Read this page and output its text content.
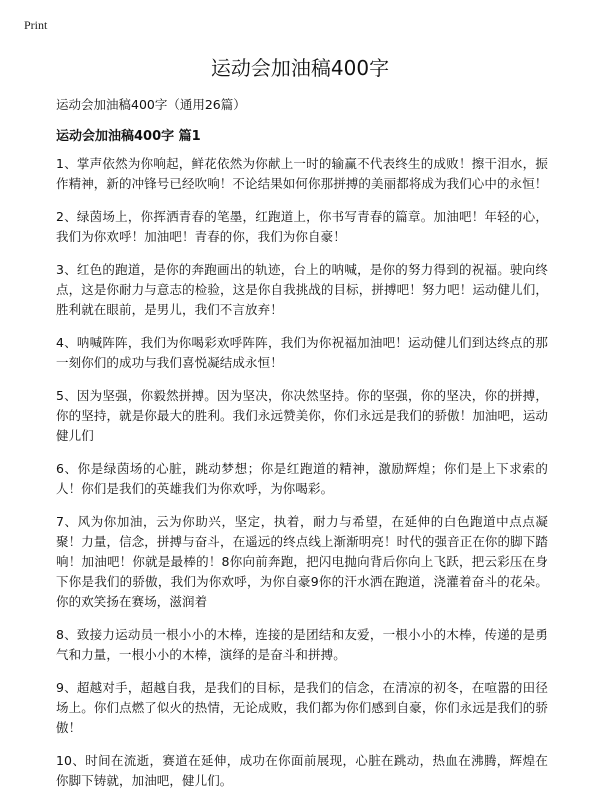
Print
运动会加油稿400字

运动会加油稿400字（通用26篇）

运动会加油稿400字 篇1

1、掌声依然为你响起，鲜花依然为你献上一时的输赢不代表终生的成败！擦干泪水，振作精神，新的冲锋号已经吹响！不论结果如何你那拼搏的美丽都将成为我们心中的永恒！

2、绿茵场上，你挥洒青春的笔墨，红跑道上，你书写青春的篇章。加油吧！年轻的心，我们为你欢呼！加油吧！青春的你，我们为你自豪！

3、红色的跑道，是你的奔跑画出的轨迹，台上的呐喊，是你的努力得到的祝福。驶向终点，这是你耐力与意志的检验，这是你自我挑战的目标，拼搏吧！努力吧！运动健儿们，胜利就在眼前，是男儿，我们不言放弃！

4、呐喊阵阵，我们为你喝彩欢呼阵阵，我们为你祝福加油吧！运动健儿们到达终点的那一刻你们的成功与我们喜悦凝结成永恒！

5、因为坚强，你毅然拼搏。因为坚决，你决然坚持。你的坚强，你的坚决，你的拼搏，你的坚持，就是你最大的胜利。我们永远赞美你，你们永远是我们的骄傲！加油吧，运动健儿们

6、你是绿茵场的心脏，跳动梦想；你是红跑道的精神，激励辉煌；你们是上下求索的人！你们是我们的英雄我们为你欢呼，为你喝彩。

7、风为你加油，云为你助兴，坚定，执着，耐力与希望，在延伸的白色跑道中点点凝聚！力量，信念，拼搏与奋斗，在遥远的终点线上渐渐明亮！时代的强音正在你的脚下踏响！加油吧！你就是最棒的！8你向前奔跑，把闪电抛向背后你向上飞跃，把云彩压在身下你是我们的骄傲，我们为你欢呼，为你自豪9你的汗水洒在跑道，浇灌着奋斗的花朵。你的欢笑扬在赛场，滋润着

8、致接力运动员一根小小的木棒，连接的是团结和友爱，一根小小的木棒，传递的是勇气和力量，一根小小的木棒，演绎的是奋斗和拼搏。

9、超越对手，超越自我，是我们的目标，是我们的信念，在清凉的初冬，在喧嚣的田径场上。你们点燃了似火的热情，无论成败，我们都为你们感到自豪，你们永远是我们的骄傲！

10、时间在流逝，赛道在延伸，成功在你面前展现，心脏在跳动，热血在沸腾，辉煌在你脚下铸就，加油吧，健儿们。
